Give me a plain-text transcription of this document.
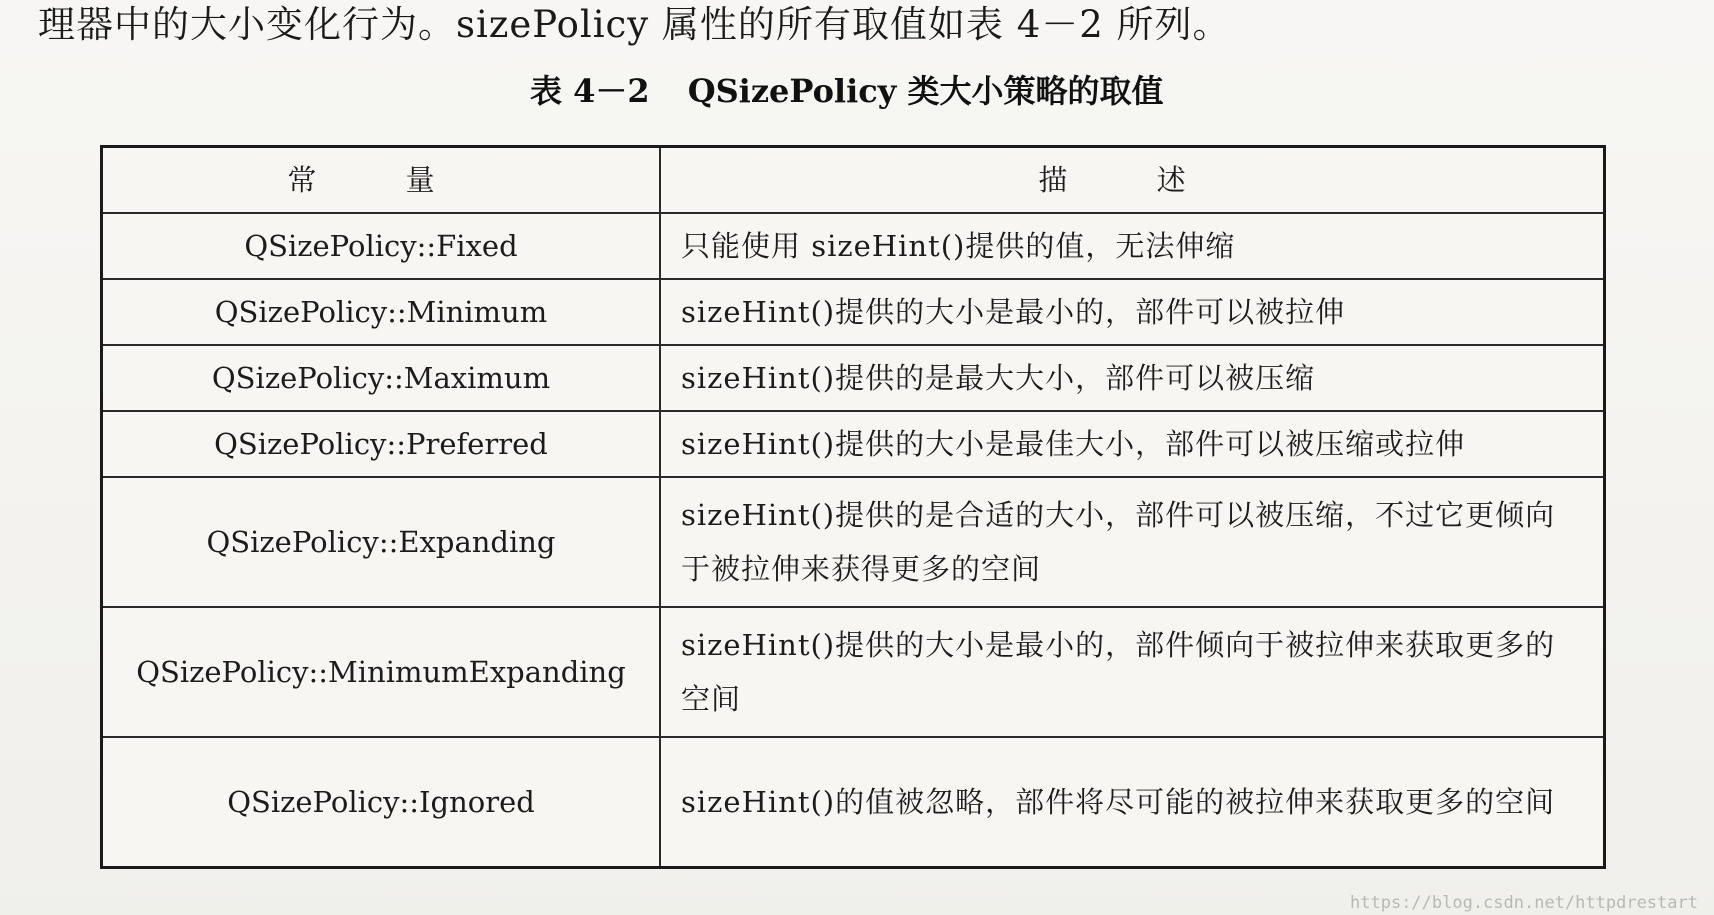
理器中的大小变化行为。sizePolicy 属性的所有取值如表 4－2 所列。
表 4－2 QSizePolicy 类大小策略的取值
常 量	描 述
QSizePolicy::Fixed	只能使用 sizeHint()提供的值，无法伸缩
QSizePolicy::Minimum	sizeHint()提供的大小是最小的，部件可以被拉伸
QSizePolicy::Maximum	sizeHint()提供的是最大大小，部件可以被压缩
QSizePolicy::Preferred	sizeHint()提供的大小是最佳大小，部件可以被压缩或拉伸
QSizePolicy::Expanding	sizeHint()提供的是合适的大小，部件可以被压缩，不过它更倾向于被拉伸来获得更多的空间
QSizePolicy::MinimumExpanding	sizeHint()提供的大小是最小的，部件倾向于被拉伸来获取更多的空间
QSizePolicy::Ignored	sizeHint()的值被忽略，部件将尽可能的被拉伸来获取更多的空间
https://blog.csdn.net/httpdrestart
